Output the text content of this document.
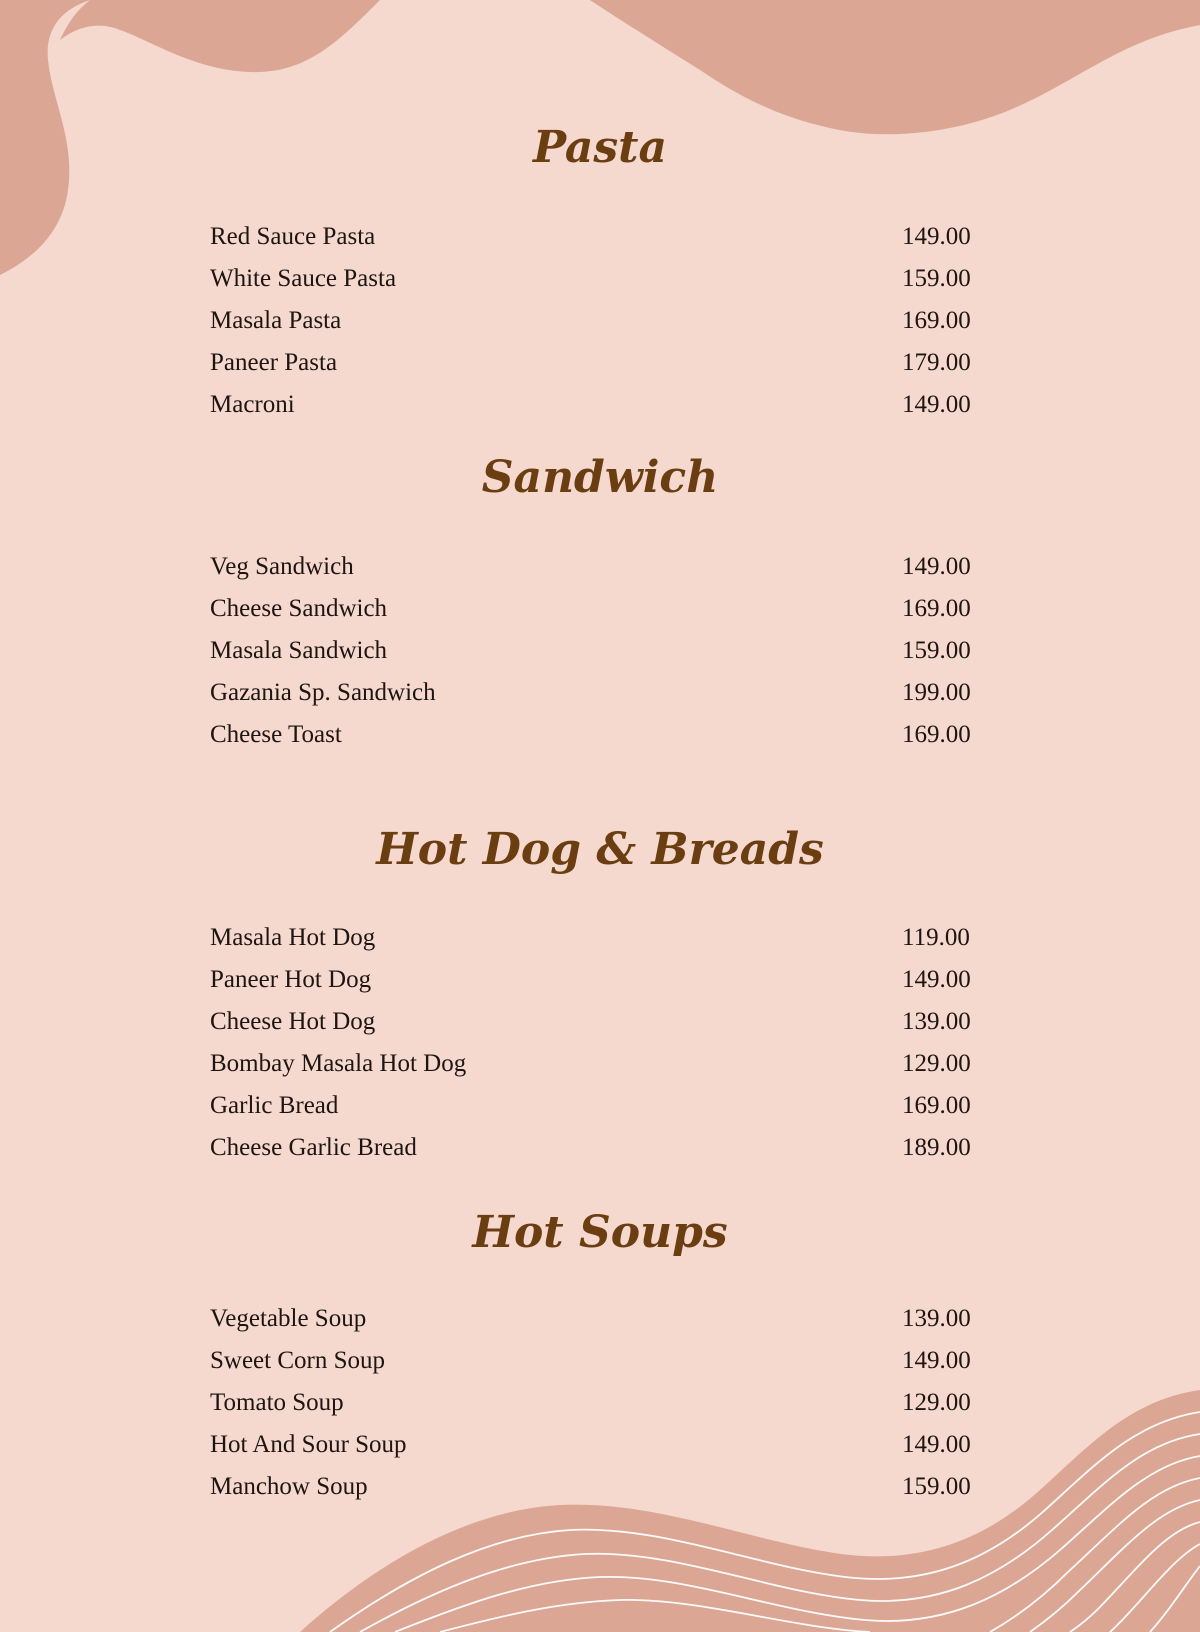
Pasta
Red Sauce Pasta	149.00
White Sauce Pasta	159.00
Masala Pasta	169.00
Paneer Pasta	179.00
Macroni	149.00
Sandwich
Veg Sandwich	149.00
Cheese Sandwich	169.00
Masala Sandwich	159.00
Gazania Sp. Sandwich	199.00
Cheese Toast	169.00
Hot Dog & Breads
Masala Hot Dog	119.00
Paneer Hot Dog	149.00
Cheese Hot Dog	139.00
Bombay Masala Hot Dog	129.00
Garlic Bread	169.00
Cheese Garlic Bread	189.00
Hot Soups
Vegetable Soup	139.00
Sweet Corn Soup	149.00
Tomato Soup	129.00
Hot And Sour Soup	149.00
Manchow Soup	159.00
